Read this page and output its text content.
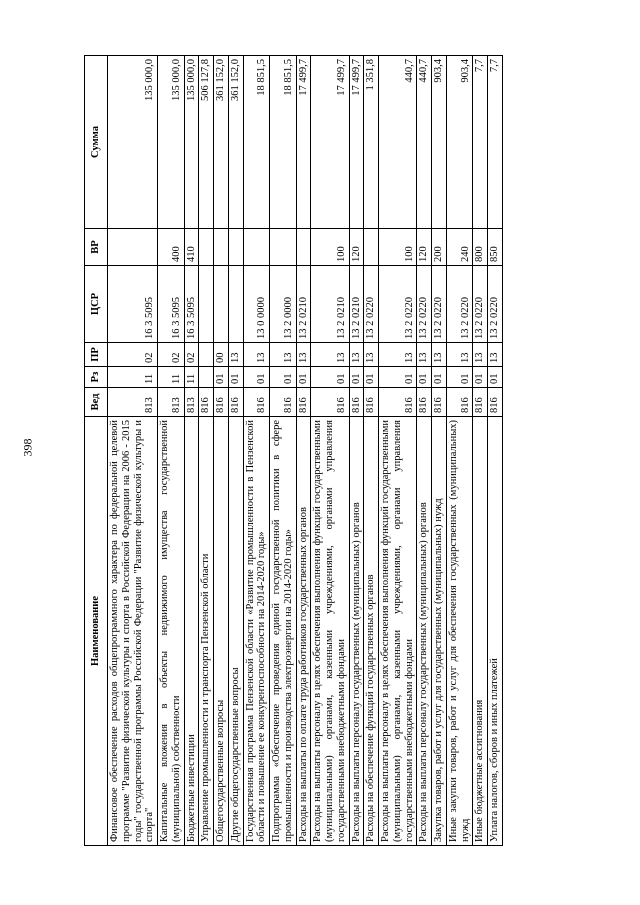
398
Наименование	Вед	Рз	ПР	ЦСР	ВР	Сумма
Финансовое обеспечение расходов общепрограммного характера по федеральной целевой программе "Развитие физической культуры и спорта в Российской Федерации на 2006 - 2015 годы" государственной программы Российской Федерации "Развитие физической культуры и спорта"	813	11	02	16 3 5095		135 000,0
Капитальные вложения в объекты недвижимого имущества государственной (муниципальной) собственности	813	11	02	16 3 5095	400	135 000,0
Бюджетные инвестиции	813	11	02	16 3 5095	410	135 000,0
Управление промышленности и транспорта Пензенской области	816					506 127,8
Общегосударственные вопросы	816	01	00			361 152,0
Другие общегосударственные вопросы	816	01	13			361 152,0
Государственная программа Пензенской области «Развитие промышленности в Пензенской области и повышение ее конкурентоспособности на 2014-2020 годы»	816	01	13	13 0 0000		18 851,5
Подпрограмма «Обеспечение проведения единой государственной политики в сфере промышленности и производства электроэнергии на 2014-2020 годы»	816	01	13	13 2 0000		18 851,5
Расходы на выплаты по оплате труда работников государственных органов	816	01	13	13 2 0210		17 499,7
Расходы на выплаты персоналу в целях обеспечения выполнения функций государственными (муниципальными) органами, казенными учреждениями, органами управления государственными внебюджетными фондами	816	01	13	13 2 0210	100	17 499,7
Расходы на выплаты персоналу государственных (муниципальных) органов	816	01	13	13 2 0210	120	17 499,7
Расходы на обеспечение функций государственных органов	816	01	13	13 2 0220		1 351,8
Расходы на выплаты персоналу в целях обеспечения выполнения функций государственными (муниципальными) органами, казенными учреждениями, органами управления государственными внебюджетными фондами	816	01	13	13 2 0220	100	440,7
Расходы на выплаты персоналу государственных (муниципальных) органов	816	01	13	13 2 0220	120	440,7
Закупка товаров, работ и услуг для государственных (муниципальных) нужд	816	01	13	13 2 0220	200	903,4
Иные закупки товаров, работ и услуг для обеспечения государственных (муниципальных) нужд	816	01	13	13 2 0220	240	903,4
Иные бюджетные ассигнования	816	01	13	13 2 0220	800	7,7
Уплата налогов, сборов и иных платежей	816	01	13	13 2 0220	850	7,7
